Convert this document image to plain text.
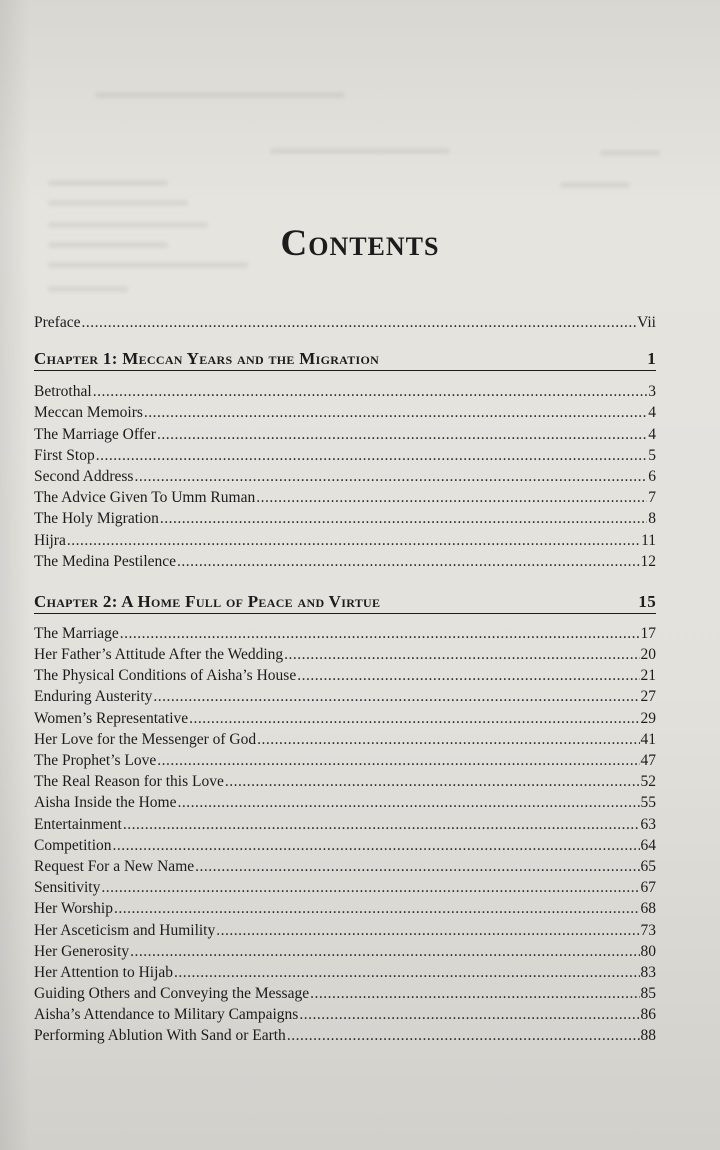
Contents
Preface .....	Vii
Chapter 1: Meccan Years and the Migration	1
Betrothal .....	3
Meccan Memoirs .....	4
The Marriage Offer .....	4
First Stop .....	5
Second Address .....	6
The Advice Given To Umm Ruman .....	7
The Holy Migration .....	8
Hijra .....	11
The Medina Pestilence .....	12
Chapter 2: A Home Full of Peace and Virtue	15
The Marriage .....	17
Her Father’s Attitude After the Wedding .....	20
The Physical Conditions of Aisha’s House .....	21
Enduring Austerity .....	27
Women’s Representative .....	29
Her Love for the Messenger of God .....	41
The Prophet’s Love .....	47
The Real Reason for this Love .....	52
Aisha Inside the Home .....	55
Entertainment .....	63
Competition .....	64
Request For a New Name .....	65
Sensitivity .....	67
Her Worship .....	68
Her Asceticism and Humility .....	73
Her Generosity .....	80
Her Attention to Hijab .....	83
Guiding Others and Conveying the Message .....	85
Aisha’s Attendance to Military Campaigns .....	86
Performing Ablution With Sand or Earth .....	88
